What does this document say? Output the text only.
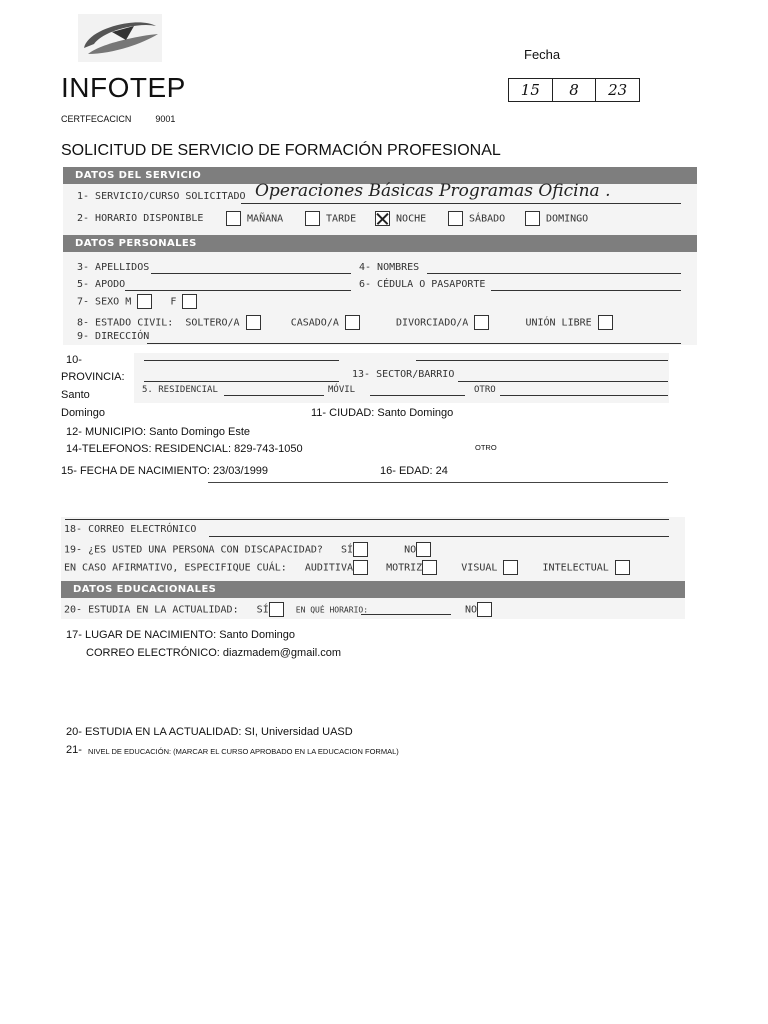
Fecha
15	8	23
INFOTEP
CERTFECACICN	9001
SOLICITUD DE SERVICIO DE FORMACIÓN PROFESIONAL
DATOS DEL SERVICIO
1- SERVICIO/CURSO SOLICITADO Operaciones Básicas Programas Oficina .
2- HORARIO DISPONIBLE	MAÑANA	TARDE	NOCHE	SÁBADO	DOMINGO
DATOS PERSONALES
3- APELLIDOS	4- NOMBRES
5- APODO	6- CÉDULA O PASAPORTE
7- SEXO M	F
8- ESTADO CIVIL: SOLTERO/A	CASADO/A	DIVORCIADO/A	UNIÓN LIBRE
9- DIRECCIÓN
10-
PROVINCIA:
Santo
Domingo
13- SECTOR/BARRIO
5. RESIDENCIAL	MÓVIL	OTRO
11- CIUDAD: Santo Domingo
12- MUNICIPIO: Santo Domingo Este
14-TELEFONOS: RESIDENCIAL: 829-743-1050	OTRO
15- FECHA DE NACIMIENTO: 23/03/1999	16- EDAD: 24
18- CORREO ELECTRÓNICO
19- ¿ES USTED UNA PERSONA CON DISCAPACIDAD? SÍ	NO
EN CASO AFIRMATIVO, ESPECIFIQUE CUÁL: AUDITIVA	MOTRIZ	VISUAL	INTELECTUAL
DATOS EDUCACIONALES
20- ESTUDIA EN LA ACTUALIDAD: SÍ	EN QUÉ HORARIO:	NO
17- LUGAR DE NACIMIENTO: Santo Domingo
CORREO ELECTRÓNICO: diazmadem@gmail.com
20- ESTUDIA EN LA ACTUALIDAD: SI, Universidad UASD
21- NIVEL DE EDUCACIÓN: (MARCAR EL CURSO APROBADO EN LA EDUCACION FORMAL)
